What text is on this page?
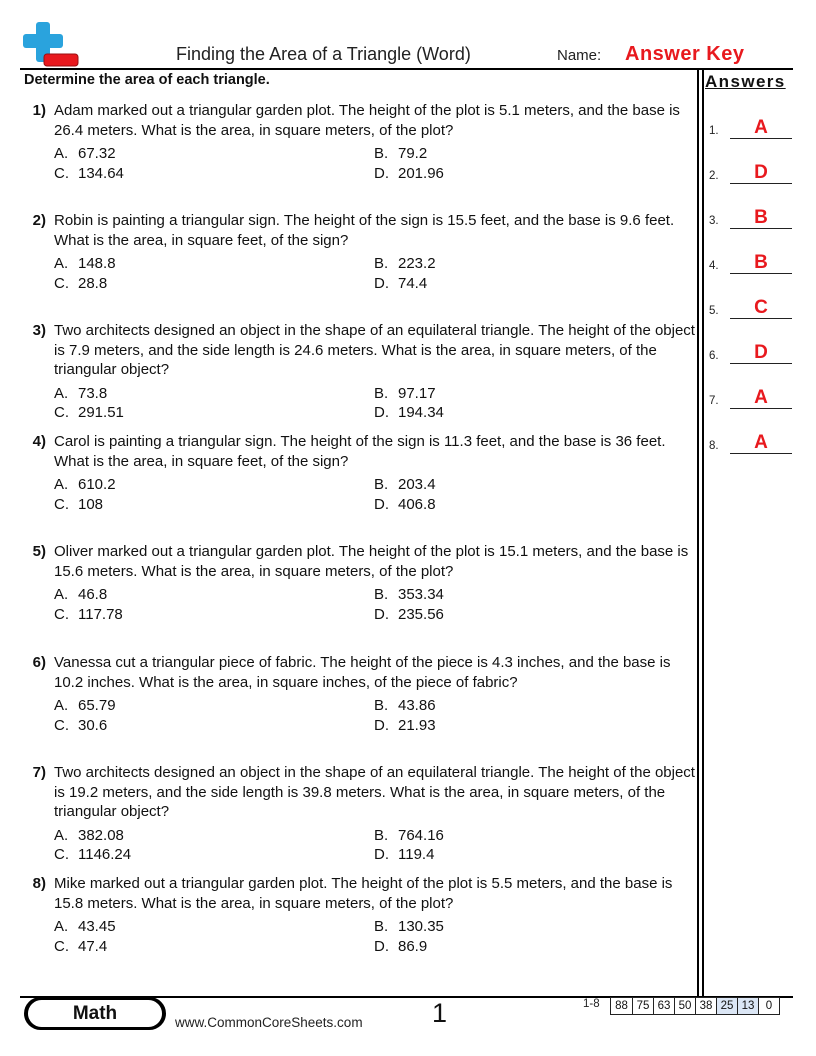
Finding the Area of a Triangle (Word)	Name: Answer Key
Determine the area of each triangle.	Answers
1) Adam marked out a triangular garden plot. The height of the plot is 5.1 meters, and the base is 26.4 meters. What is the area, in square meters, of the plot?
A. 67.32	B. 79.2
C. 134.64	D. 201.96
2) Robin is painting a triangular sign. The height of the sign is 15.5 feet, and the base is 9.6 feet. What is the area, in square feet, of the sign?
A. 148.8	B. 223.2
C. 28.8	D. 74.4
3) Two architects designed an object in the shape of an equilateral triangle. The height of the object is 7.9 meters, and the side length is 24.6 meters. What is the area, in square meters, of the triangular object?
A. 73.8	B. 97.17
C. 291.51	D. 194.34
4) Carol is painting a triangular sign. The height of the sign is 11.3 feet, and the base is 36 feet. What is the area, in square feet, of the sign?
A. 610.2	B. 203.4
C. 108	D. 406.8
5) Oliver marked out a triangular garden plot. The height of the plot is 15.1 meters, and the base is 15.6 meters. What is the area, in square meters, of the plot?
A. 46.8	B. 353.34
C. 117.78	D. 235.56
6) Vanessa cut a triangular piece of fabric. The height of the piece is 4.3 inches, and the base is 10.2 inches. What is the area, in square inches, of the piece of fabric?
A. 65.79	B. 43.86
C. 30.6	D. 21.93
7) Two architects designed an object in the shape of an equilateral triangle. The height of the object is 19.2 meters, and the side length is 39.8 meters. What is the area, in square meters, of the triangular object?
A. 382.08	B. 764.16
C. 1146.24	D. 119.4
8) Mike marked out a triangular garden plot. The height of the plot is 5.5 meters, and the base is 15.8 meters. What is the area, in square meters, of the plot?
A. 43.45	B. 130.35
C. 47.4	D. 86.9
1.	A
2.	D
3.	B
4.	B
5.	C
6.	D
7.	A
8.	A
Math	www.CommonCoreSheets.com	1	1-8	88 75 63 50 38 25 13 0
